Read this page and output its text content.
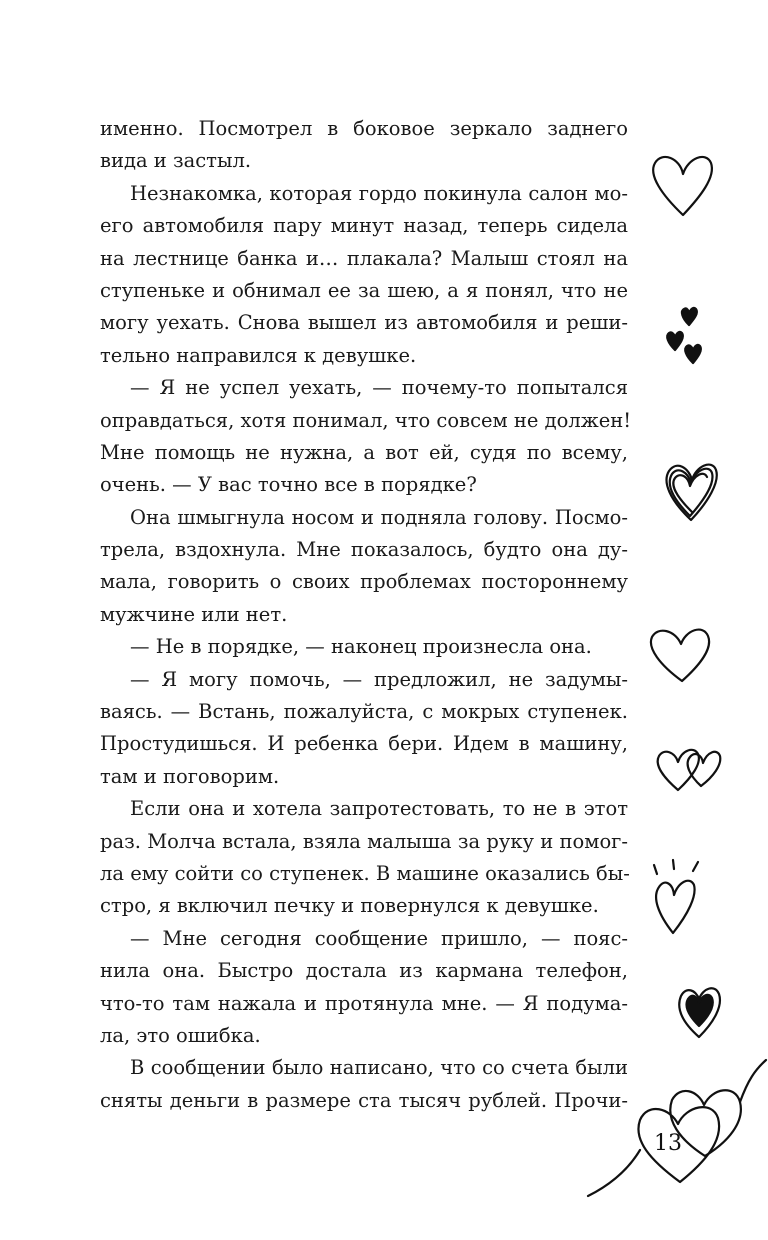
именно. Посмотрел в боковое зеркало заднего
вида и застыл.
Незнакомка, которая гордо покинула салон мо-
его автомобиля пару минут назад, теперь сидела
на лестнице банка и… плакала? Малыш стоял на
ступеньке и обнимал ее за шею, а я понял, что не
могу уехать. Снова вышел из автомобиля и реши-
тельно направился к девушке.
— Я не успел уехать, — почему-то попытался
оправдаться, хотя понимал, что совсем не должен!
Мне помощь не нужна, а вот ей, судя по всему,
очень. — У вас точно все в порядке?
Она шмыгнула носом и подняла голову. Посмо-
трела, вздохнула. Мне показалось, будто она ду-
мала, говорить о своих проблемах постороннему
мужчине или нет.
— Не в порядке, — наконец произнесла она.
— Я могу помочь, — предложил, не задумы-
ваясь. — Встань, пожалуйста, с мокрых ступенек.
Простудишься. И ребенка бери. Идем в машину,
там и поговорим.
Если она и хотела запротестовать, то не в этот
раз. Молча встала, взяла малыша за руку и помог-
ла ему сойти со ступенек. В машине оказались бы-
стро, я включил печку и повернулся к девушке.
— Мне сегодня сообщение пришло, — пояс-
нила она. Быстро достала из кармана телефон,
что-то там нажала и протянула мне. — Я подума-
ла, это ошибка.
В сообщении было написано, что со счета были
сняты деньги в размере ста тысяч рублей. Прочи-
13
